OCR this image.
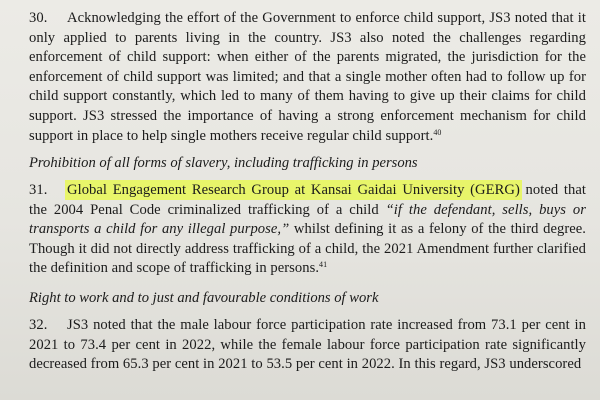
30. Acknowledging the effort of the Government to enforce child support, JS3 noted that it only applied to parents living in the country. JS3 also noted the challenges regarding enforcement of child support: when either of the parents migrated, the jurisdiction for the enforcement of child support was limited; and that a single mother often had to follow up for child support constantly, which led to many of them having to give up their claims for child support. JS3 stressed the importance of having a strong enforcement mechanism for child support in place to help single mothers receive regular child support.$^{40}$

Prohibition of all forms of slavery, including trafficking in persons

31. Global Engagement Research Group at Kansai Gaidai University (GERG) noted that the 2004 Penal Code criminalized trafficking of a child “if the defendant, sells, buys or transports a child for any illegal purpose,” whilst defining it as a felony of the third degree. Though it did not directly address trafficking of a child, the 2021 Amendment further clarified the definition and scope of trafficking in persons.$^{41}$

Right to work and to just and favourable conditions of work

32. JS3 noted that the male labour force participation rate increased from 73.1 per cent in 2021 to 73.4 per cent in 2022, while the female labour force participation rate significantly decreased from 65.3 per cent in 2021 to 53.5 per cent in 2022. In this regard, JS3 underscored
